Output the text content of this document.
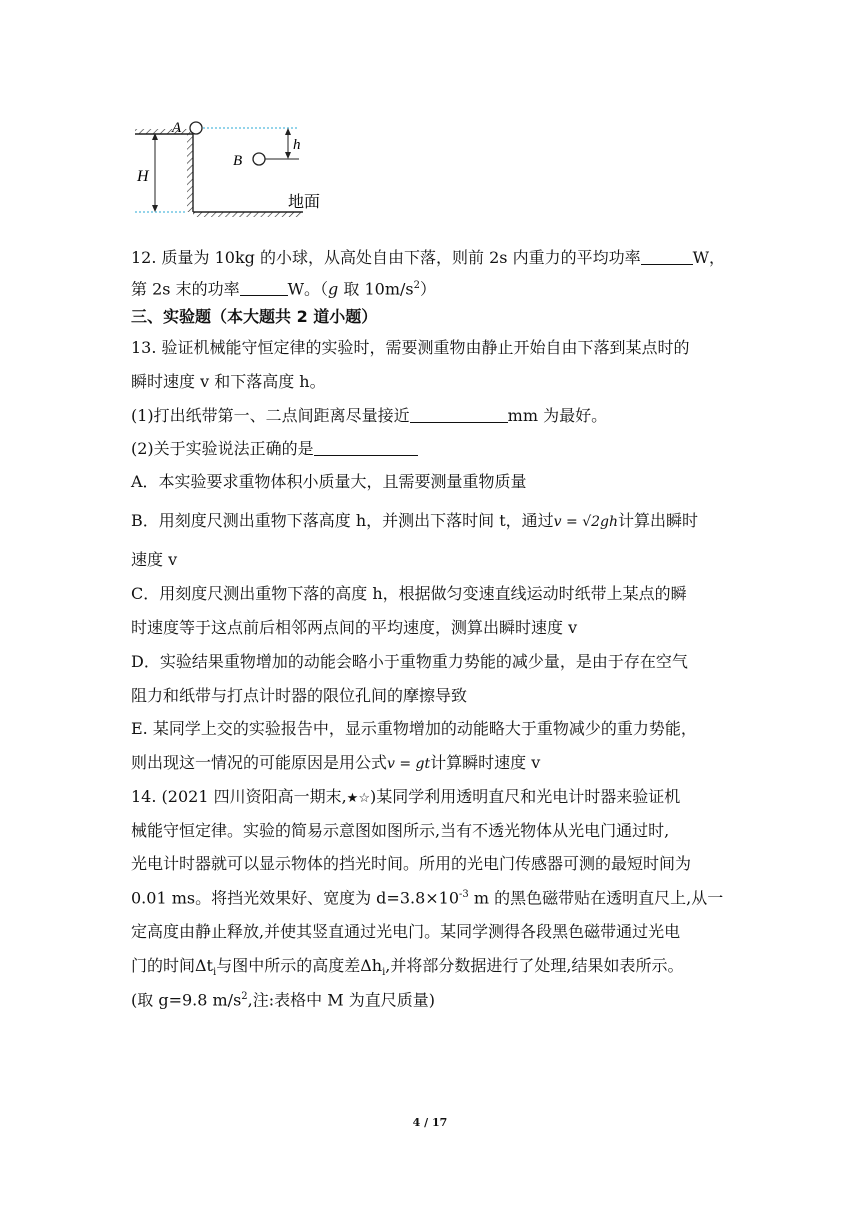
A
B
H
h
地面
12. 质量为 10kg 的小球，从高处自由下落，则前 2s 内重力的平均功率	W，
第 2s 末的功率	W。（g 取 $10m/s^2$）
三、实验题（本大题共 2 道小题）
13. 验证机械能守恒定律的实验时，需要测重物由静止开始自由下落到某点时的
瞬时速度 v 和下落高度 h。
(1)打出纸带第一、二点间距离尽量接近	mm 为最好。
(2)关于实验说法正确的是
A．本实验要求重物体积小质量大，且需要测量重物质量
B．用刻度尺测出重物下落高度 h，并测出下落时间 t，通过v = √2gh计算出瞬时
速度 v
C．用刻度尺测出重物下落的高度 h，根据做匀变速直线运动时纸带上某点的瞬
时速度等于这点前后相邻两点间的平均速度，测算出瞬时速度 v
D．实验结果重物增加的动能会略小于重物重力势能的减少量，是由于存在空气
阻力和纸带与打点计时器的限位孔间的摩擦导致
E. 某同学上交的实验报告中，显示重物增加的动能略大于重物减少的重力势能，
则出现这一情况的可能原因是用公式v = gt计算瞬时速度 v
14. (2021 四川资阳高一期末,★☆)某同学利用透明直尺和光电计时器来验证机
械能守恒定律。实验的简易示意图如图所示,当有不透光物体从光电门通过时,
光电计时器就可以显示物体的挡光时间。所用的光电门传感器可测的最短时间为
0.01 ms。将挡光效果好、宽度为 $d=3.8\times 10^{-3}$ m 的黑色磁带贴在透明直尺上,从一
定高度由静止释放,并使其竖直通过光电门。某同学测得各段黑色磁带通过光电
门的时间$\Delta t_i$与图中所示的高度差$\Delta h_i$,并将部分数据进行了处理,结果如表所示。
(取 g=9.8 $m/s^2$,注:表格中 M 为直尺质量)
4 / 17
